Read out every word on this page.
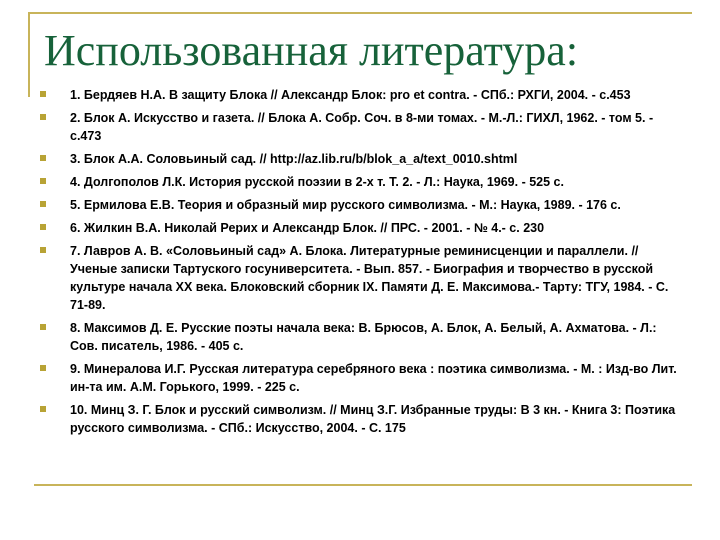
Использованная литература:
1. Бердяев Н.А. В защиту Блока // Александр Блок: pro et contra. - СПб.: РХГИ, 2004. - с.453
2. Блок А. Искусство и газета. // Блока А. Собр. Соч. в 8-ми томах. - М.-Л.: ГИХЛ, 1962. - том 5. - с.473
3. Блок А.А. Соловьиный сад. // http://az.lib.ru/b/blok_a_a/text_0010.shtml
4. Долгополов Л.К. История русской поэзии в 2-х т. Т. 2. - Л.: Наука, 1969. - 525 с.
5. Ермилова Е.В. Теория и образный мир русского символизма. - М.: Наука, 1989. - 176 с.
6. Жилкин В.А. Николай Рерих и Александр Блок. // ПРС. - 2001. - № 4.- с. 230
7. Лавров А. В. «Соловьиный сад» А. Блока. Литературные реминисценции и параллели. // Ученые записки Тартуского госуниверситета. - Вып. 857. - Биография и творчество в русской культуре начала XX века. Блоковский сборник IX. Памяти Д. Е. Максимова.- Тарту: ТГУ, 1984. - С. 71-89.
8. Максимов Д. Е. Русские поэты начала века: В. Брюсов, А. Блок, А. Белый, А. Ахматова. - Л.: Сов. писатель, 1986. - 405 с.
9. Минералова И.Г. Русская литература серебряного века : поэтика символизма. - М. : Изд-во Лит. ин-та им. А.М. Горького, 1999. - 225 с.
10. Минц З. Г. Блок и русский символизм. // Минц З.Г. Избранные труды: В 3 кн. - Книга 3: Поэтика русского символизма. - СПб.: Искусство, 2004. - С. 175
